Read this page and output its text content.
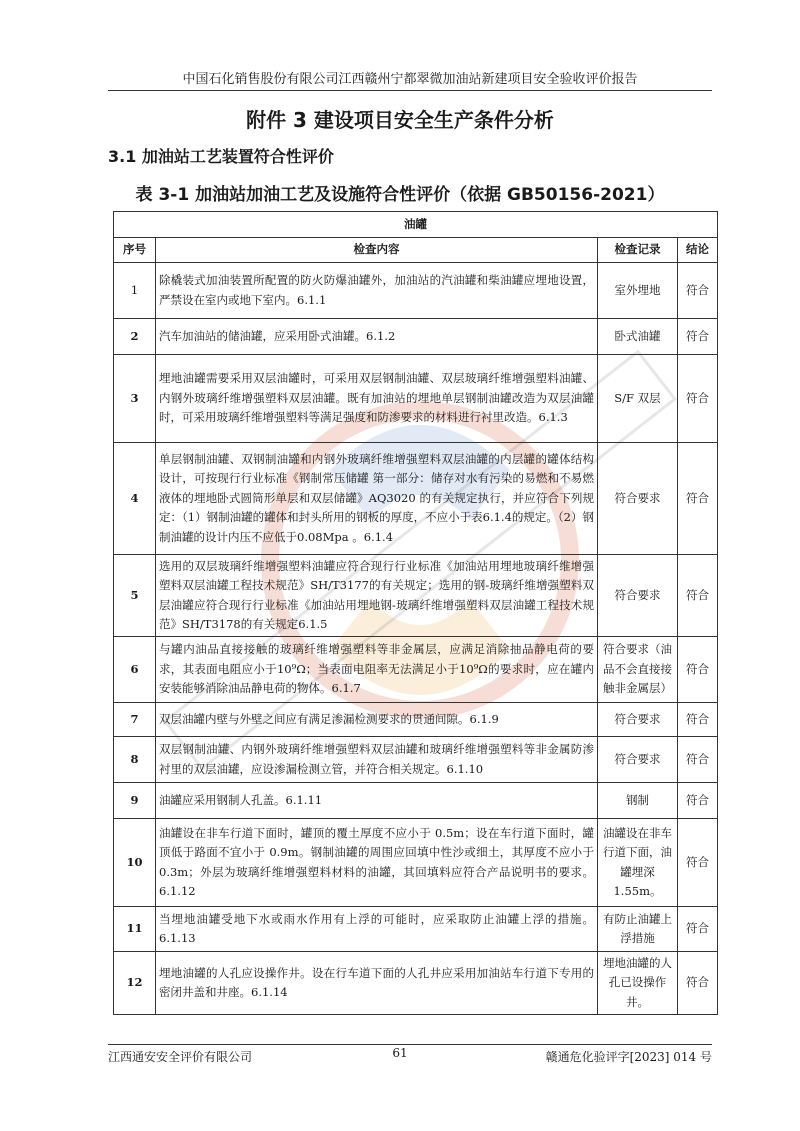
中国石化销售股份有限公司江西赣州宁都翠微加油站新建项目安全验收评价报告
附件 3 建设项目安全生产条件分析
3.1 加油站工艺装置符合性评价
表 3-1 加油站加油工艺及设施符合性评价（依据 GB50156-2021）
油罐			
序号	检查内容	检查记录	结论
1	除橇装式加油装置所配置的防火防爆油罐外，加油站的汽油罐和柴油罐应埋地设置，严禁设在室内或地下室内。6.1.1	室外埋地	符合
2	汽车加油站的储油罐，应采用卧式油罐。6.1.2	卧式油罐	符合
3	埋地油罐需要采用双层油罐时，可采用双层钢制油罐、双层玻璃纤维增强塑料油罐、内钢外玻璃纤维增强塑料双层油罐。既有加油站的埋地单层钢制油罐改造为双层油罐时，可采用玻璃纤维增强塑料等满足强度和防渗要求的材料进行衬里改造。6.1.3	S/F 双层	符合
4	单层钢制油罐、双钢制油罐和内钢外玻璃纤维增强塑料双层油罐的内层罐的罐体结构设计，可按现行行业标准《钢制常压储罐 第一部分：储存对水有污染的易燃和不易燃液体的埋地卧式圆筒形单层和双层储罐》AQ3020 的有关规定执行，并应符合下列规定：（1）钢制油罐的罐体和封头所用的钢板的厚度，不应小于表6.1.4的规定。（2）钢制油罐的设计内压不应低于0.08Mpa 。6.1.4	符合要求	符合
5	选用的双层玻璃纤维增强塑料油罐应符合现行行业标准《加油站用埋地玻璃纤维增强塑料双层油罐工程技术规范》SH/T3177的有关规定；选用的钢-玻璃纤维增强塑料双层油罐应符合现行行业标准《加油站用埋地钢-玻璃纤维增强塑料双层油罐工程技术规范》SH/T3178的有关规定6.1.5	符合要求	符合
6	与罐内油品直接接触的玻璃纤维增强塑料等非金属层，应满足消除抽品静电荷的要求，其表面电阻应小于10⁹Ω；当表面电阻率无法满足小于10⁹Ω的要求时，应在罐内安装能够消除油品静电荷的物体。6.1.7	符合要求（油品不会直接接触非金属层）	符合
7	双层油罐内壁与外壁之间应有满足渗漏检测要求的贯通间隙。6.1.9	符合要求	符合
8	双层钢制油罐、内钢外玻璃纤维增强塑料双层油罐和玻璃纤维增强塑料等非金属防渗衬里的双层油罐，应设渗漏检测立管，并符合相关规定。6.1.10	符合要求	符合
9	油罐应采用钢制人孔盖。6.1.11	钢制	符合
10	油罐设在非车行道下面时，罐顶的覆土厚度不应小于 0.5m；设在车行道下面时，罐顶低于路面不宜小于 0.9m。钢制油罐的周围应回填中性沙或细土，其厚度不应小于 0.3m；外层为玻璃纤维增强塑料材料的油罐，其回填料应符合产品说明书的要求。6.1.12	油罐设在非车行道下面，油罐埋深1.55m。	符合
11	当埋地油罐受地下水或雨水作用有上浮的可能时，应采取防止油罐上浮的措施。6.1.13	有防止油罐上浮措施	符合
12	埋地油罐的人孔应设操作井。设在行车道下面的人孔井应采用加油站车行道下专用的密闭井盖和井座。6.1.14	埋地油罐的人孔已设操作井。	符合
江西通安安全评价有限公司	61	赣通危化验评字[2023] 014 号
